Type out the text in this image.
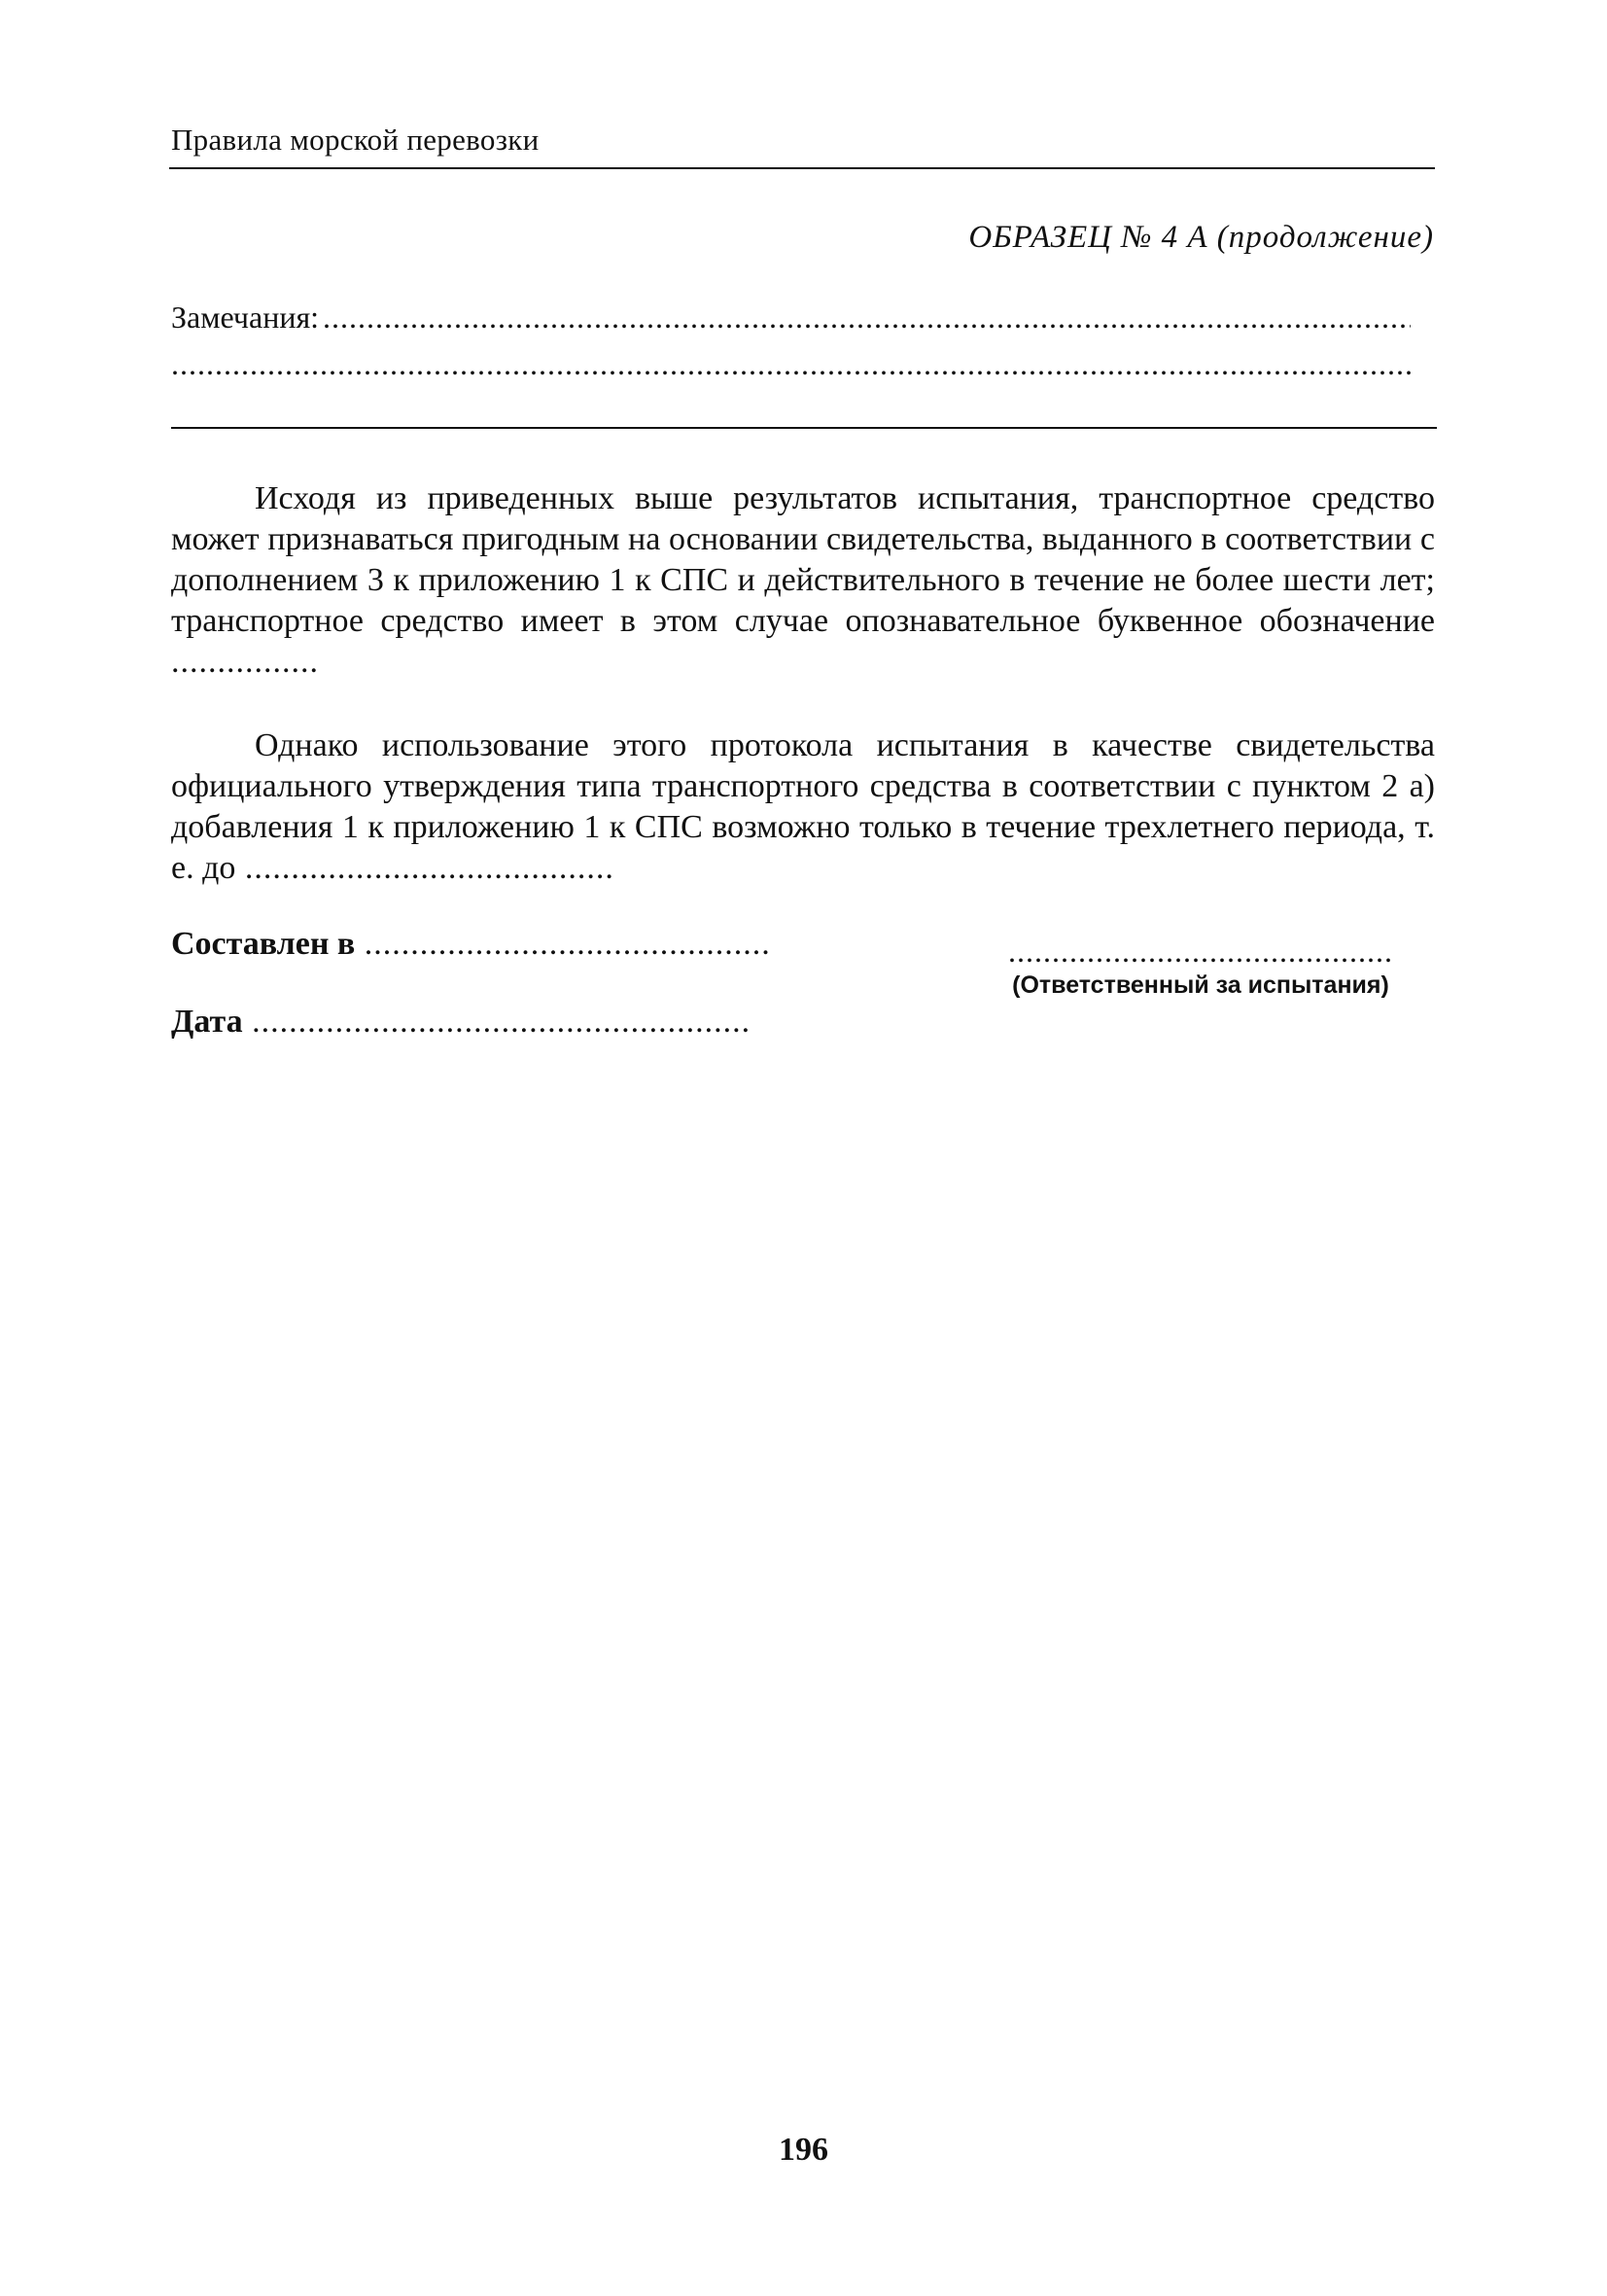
Правила морской перевозки
ОБРАЗЕЦ № 4 А (продолжение)
Замечания:
.....
.....

Исходя из приведенных выше результатов испытания, транспортное средство может признаваться пригодным на основании свидетельства, выданного в соответствии с дополнением 3 к приложению 1 к СПС и действительного в течение не более шести лет; транспортное средство имеет в этом случае опознавательное буквенное обозначение ................

Однако использование этого протокола испытания в качестве свидетельства официального утверждения типа транспортного средства в соответствии с пунктом 2 а) добавления 1 к приложению 1 к СПС возможно только в течение трехлетнего периода, т. е. до ........................................

Составлен в ............................................	............................................
(Ответственный за испытания)
Дата ......................................................
196
